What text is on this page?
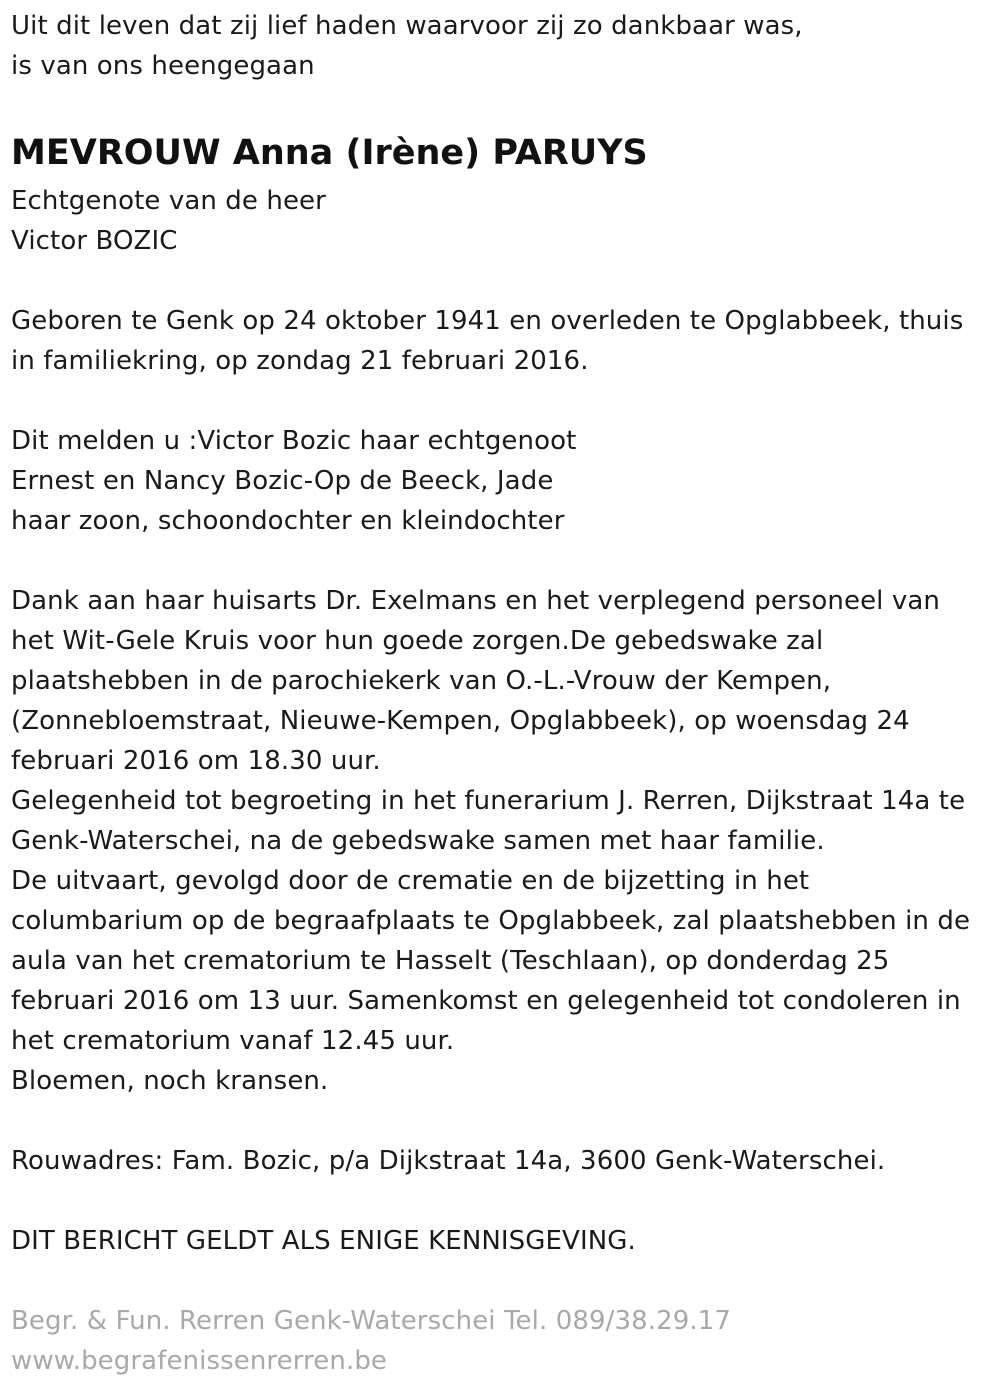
Uit dit leven dat zij lief haden waarvoor zij zo dankbaar was,
is van ons heengegaan
MEVROUW Anna (Irène) PARUYS
Echtgenote van de heer
Victor BOZIC
Geboren te Genk op 24 oktober 1941 en overleden te Opglabbeek, thuis
in familiekring, op zondag 21 februari 2016.
Dit melden u :Victor Bozic haar echtgenoot
Ernest en Nancy Bozic-Op de Beeck, Jade
haar zoon, schoondochter en kleindochter
Dank aan haar huisarts Dr. Exelmans en het verplegend personeel van
het Wit-Gele Kruis voor hun goede zorgen.De gebedswake zal
plaatshebben in de parochiekerk van O.-L.-Vrouw der Kempen,
(Zonnebloemstraat, Nieuwe-Kempen, Opglabbeek), op woensdag 24
februari 2016 om 18.30 uur.
Gelegenheid tot begroeting in het funerarium J. Rerren, Dijkstraat 14a te
Genk-Waterschei, na de gebedswake samen met haar familie.
De uitvaart, gevolgd door de crematie en de bijzetting in het
columbarium op de begraafplaats te Opglabbeek, zal plaatshebben in de
aula van het crematorium te Hasselt (Teschlaan), op donderdag 25
februari 2016 om 13 uur. Samenkomst en gelegenheid tot condoleren in
het crematorium vanaf 12.45 uur.
Bloemen, noch kransen.
Rouwadres: Fam. Bozic, p/a Dijkstraat 14a, 3600 Genk-Waterschei.
DIT BERICHT GELDT ALS ENIGE KENNISGEVING.
Begr. & Fun. Rerren Genk-Waterschei Tel. 089/38.29.17
www.begrafenissenrerren.be
